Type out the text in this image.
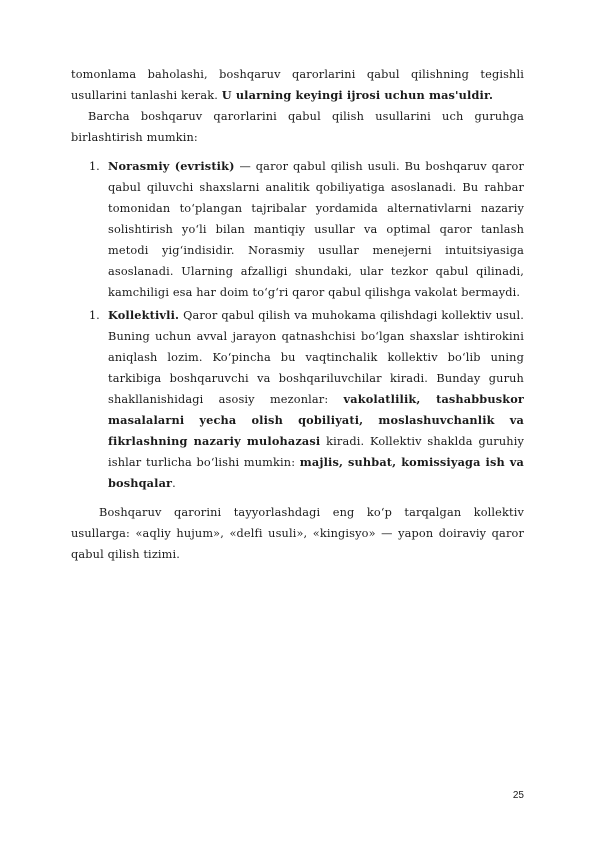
tomonlama baholashi, boshqaruv qarorlarini qabul qilishning tegishli usullarini tanlashi kerak. U ularning keyingi ijrosi uchun mas'uldir.

Barcha boshqaruv qarorlarini qabul qilish usullarini uch guruhga birlashtirish mumkin:

1. Norasmiy (evristik) — qaror qabul qilish usuli. Bu boshqaruv qaror qabul qiluvchi shaxslarni analitik qobiliyatiga asoslanadi. Bu rahbar tomonidan to‘plangan tajribalar yordamida alternativlarni nazariy solishtirish yo‘li bilan mantiqiy usullar va optimal qaror tanlash metodi yig‘indisidir. Norasmiy usullar menejerni intuitsiyasiga asoslanadi. Ularning afzalligi shundaki, ular tezkor qabul qilinadi, kamchiligi esa har doim to‘g‘ri qaror qabul qilishga vakolat bermaydi.

1. Kollektivli. Qaror qabul qilish va muhokama qilishdagi kollektiv usul. Buning uchun avval jarayon qatnashchisi bo‘lgan shaxslar ishtirokini aniqlash lozim. Ko‘pincha bu vaqtinchalik kollektiv bo‘lib uning tarkibiga boshqaruvchi va boshqariluvchilar kiradi. Bunday guruh shakllanishidagi asosiy mezonlar: vakolatlilik, tashabbuskor masalalarni yecha olish qobiliyati, moslashuvchanlik va fikrlashning nazariy mulohazasi kiradi. Kollektiv shaklda guruhiy ishlar turlicha bo‘lishi mumkin: majlis, suhbat, komissiyaga ish va boshqalar.

Boshqaruv qarorini tayyorlashdagi eng ko‘p tarqalgan kollektiv usullarga: «aqliy hujum», «delfi usuli», «kingisyo» — yapon doiraviy qaror qabul qilish tizimi.

25
